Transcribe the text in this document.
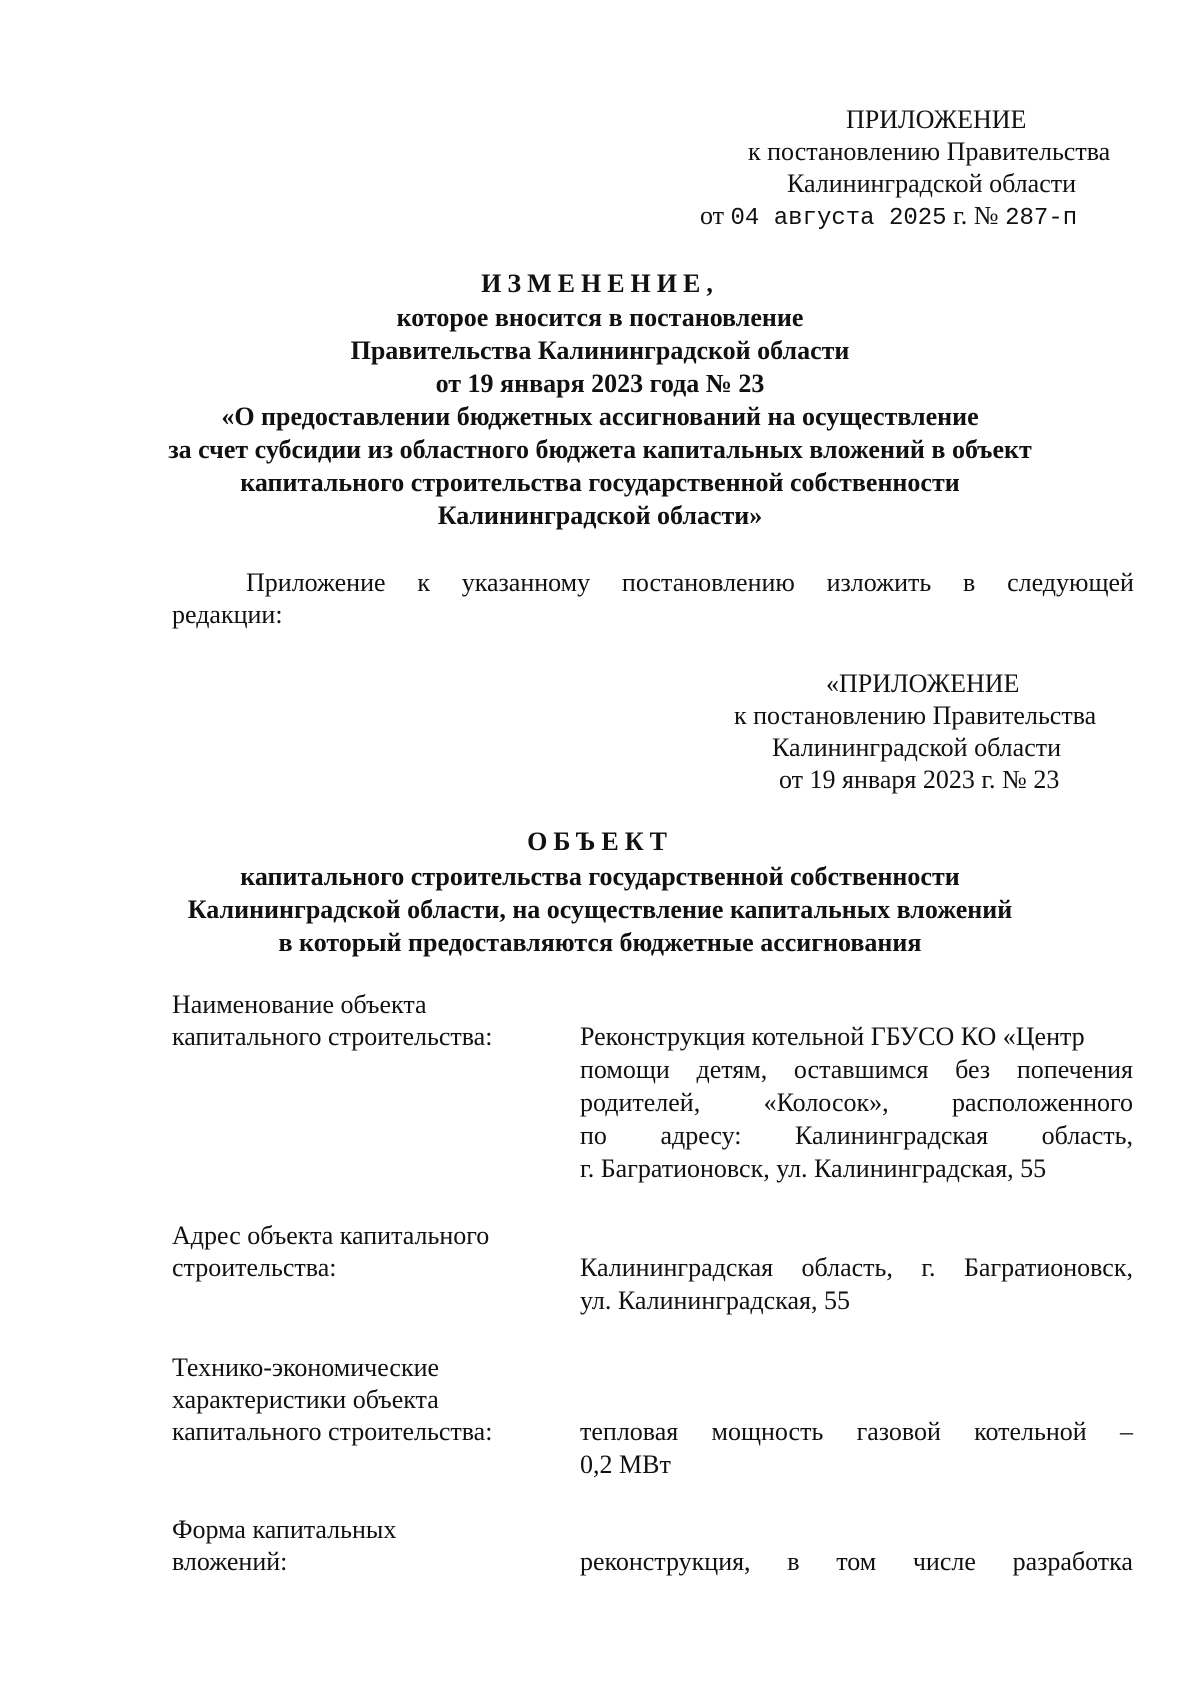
ПРИЛОЖЕНИЕ
к постановлению Правительства
Калининградской области
от 04 августа 2025 г. № 287-п
ИЗМЕНЕНИЕ,
которое вносится в постановление
Правительства Калининградской области
от 19 января 2023 года № 23
«О предоставлении бюджетных ассигнований на осуществление
за счет субсидии из областного бюджета капитальных вложений в объект
капитального строительства государственной собственности
Калининградской области»
Приложение к указанному постановлению изложить в следующей
редакции:
«ПРИЛОЖЕНИЕ
к постановлению Правительства
Калининградской области
от 19 января 2023 г. № 23
ОБЪЕКТ
капитального строительства государственной собственности
Калининградской области, на осуществление капитальных вложений
в который предоставляются бюджетные ассигнования
Наименование объекта
капитального строительства:	Реконструкция котельной ГБУСО КО «Центр
помощи детям, оставшимся без попечения
родителей, «Колосок», расположенного
по адресу: Калининградская область,
г. Багратионовск, ул. Калининградская, 55
Адрес объекта капитального
строительства:	Калининградская область, г. Багратионовск,
ул. Калининградская, 55
Технико-экономические
характеристики объекта
капитального строительства:	тепловая мощность газовой котельной –
0,2 МВт
Форма капитальных
вложений:	реконструкция, в том числе разработка
